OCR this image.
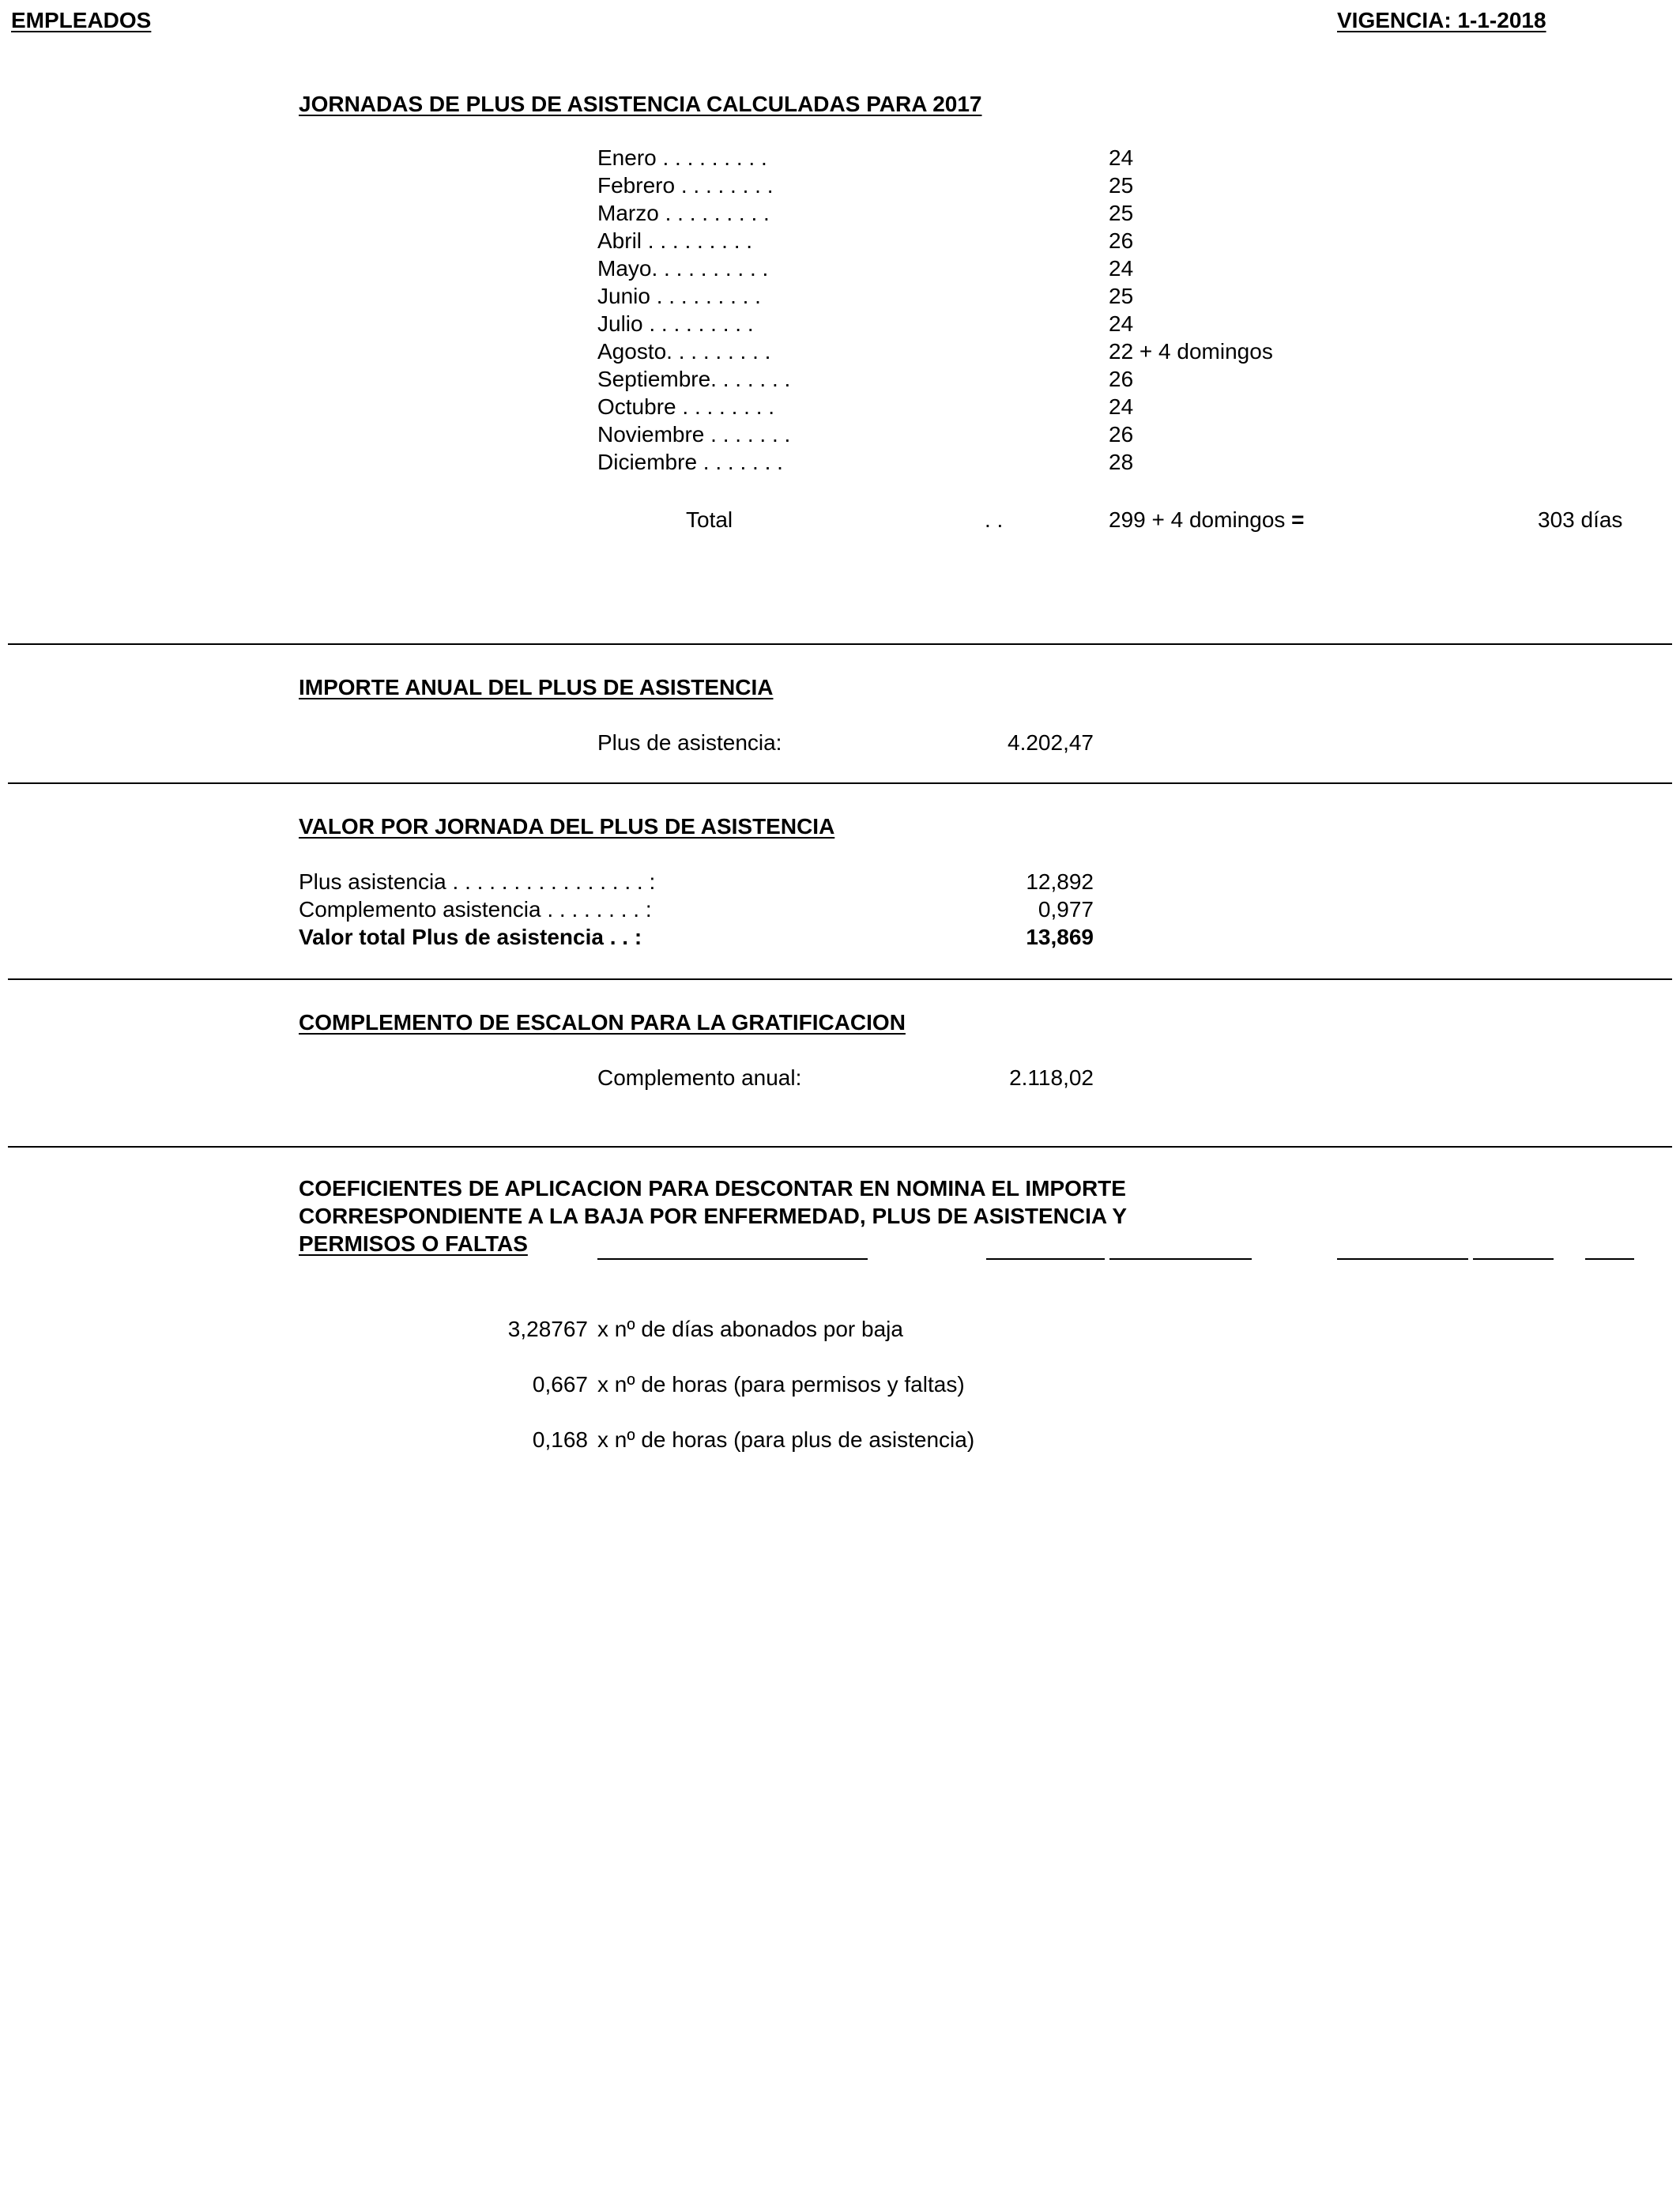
EMPLEADOS	VIGENCIA: 1-1-2018
JORNADAS DE PLUS DE ASISTENCIA CALCULADAS PARA 2017
Enero . . . . . . . . .	24
Febrero . . . . . . . .	25
Marzo . . . . . . . . .	25
Abril . . . . . . . . .	26
Mayo. . . . . . . . . .	24
Junio . . . . . . . . .	25
Julio . . . . . . . . .	24
Agosto. . . . . . . . .	22 + 4 domingos
Septiembre. . . . . . .	26
Octubre . . . . . . . .	24
Noviembre . . . . . . .	26
Diciembre . . . . . . .	28
Total	. .	299 + 4 domingos =	303 días
IMPORTE ANUAL DEL PLUS DE ASISTENCIA
Plus de asistencia:	4.202,47
VALOR POR JORNADA DEL PLUS DE ASISTENCIA
Plus asistencia . . . . . . . . . . . . . . . . :	12,892
Complemento asistencia . . . . . . . . :	0,977
Valor total Plus de asistencia . . :	13,869
COMPLEMENTO DE ESCALON PARA LA GRATIFICACION
Complemento anual:	2.118,02
COEFICIENTES DE APLICACION PARA DESCONTAR EN NOMINA EL IMPORTE
CORRESPONDIENTE A LA BAJA POR ENFERMEDAD, PLUS DE ASISTENCIA Y
PERMISOS O FALTAS
3,28767 x nº de días abonados por baja
0,667 x nº de horas (para permisos y faltas)
0,168 x nº de horas (para plus de asistencia)
